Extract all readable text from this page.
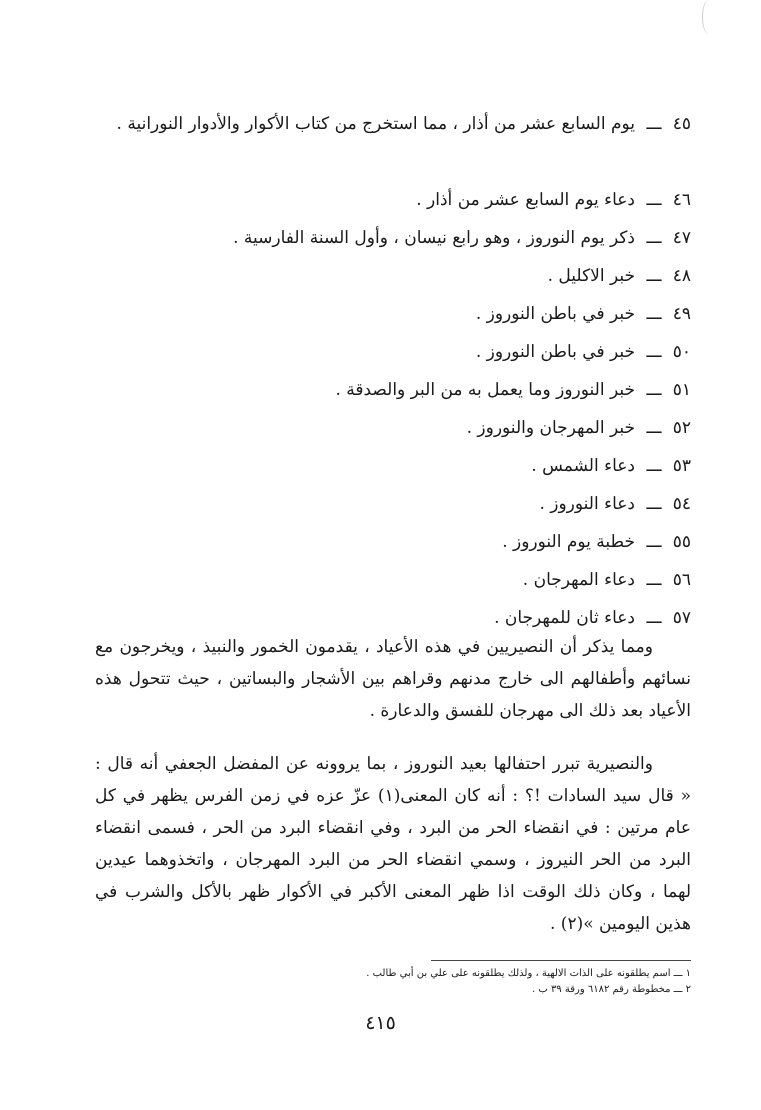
٤٥
ـــ
يوم السابع عشر من أذار ، مما استخرج من كتاب الأكوار والأدوار النورانية .
٤٦
ـــ
دعاء يوم السابع عشر من أذار .
٤٧
ـــ
ذكر يوم النوروز ، وهو رابع نيسان ، وأول السنة الفارسية .
٤٨
ـــ
خبر الاكليل .
٤٩
ـــ
خبر في باطن النوروز .
٥٠
ـــ
خبر في باطن النوروز .
٥١
ـــ
خبر النوروز وما يعمل به من البر والصدقة .
٥٢
ـــ
خبر المهرجان والنوروز .
٥٣
ـــ
دعاء الشمس .
٥٤
ـــ
دعاء النوروز .
٥٥
ـــ
خطبة يوم النوروز .
٥٦
ـــ
دعاء المهرجان .
٥٧
ـــ
دعاء ثان للمهرجان .

ومما يذكر أن النصيريين في هذه الأعياد ، يقدمون الخمور والنبيذ ، ويخرجون مع نسائهم وأطفالهم الى خارج مدنهم وقراهم بين الأشجار والبساتين ، حيث تتحول هذه الأعياد بعد ذلك الى مهرجان للفسق والدعارة .

والنصيرية تبرر احتفالها بعيد النوروز ، بما يروونه عن المفضل الجعفي أنه قال : « قال سيد السادات !؟ : أنه كان المعنى(١) عزّ عزه في زمن الفرس يظهر في كل عام مرتين : في انقضاء الحر من البرد ، وفي انقضاء البرد من الحر ، فسمى انقضاء البرد من الحر النيروز ، وسمي انقضاء الحر من البرد المهرجان ، واتخذوهما عيدين لهما ، وكان ذلك الوقت اذا ظهر المعنى الأكبر في الأكوار ظهر بالأكل والشرب في هذين اليومين »(٢) .

١ ـــ اسم يطلقونه على الذات الالهية ، ولذلك يطلقونه على علي بن أبي طالب .
٢ ـــ مخطوطة رقم ٦١٨٢ ورقة ٣٩ ب .
٤١٥
